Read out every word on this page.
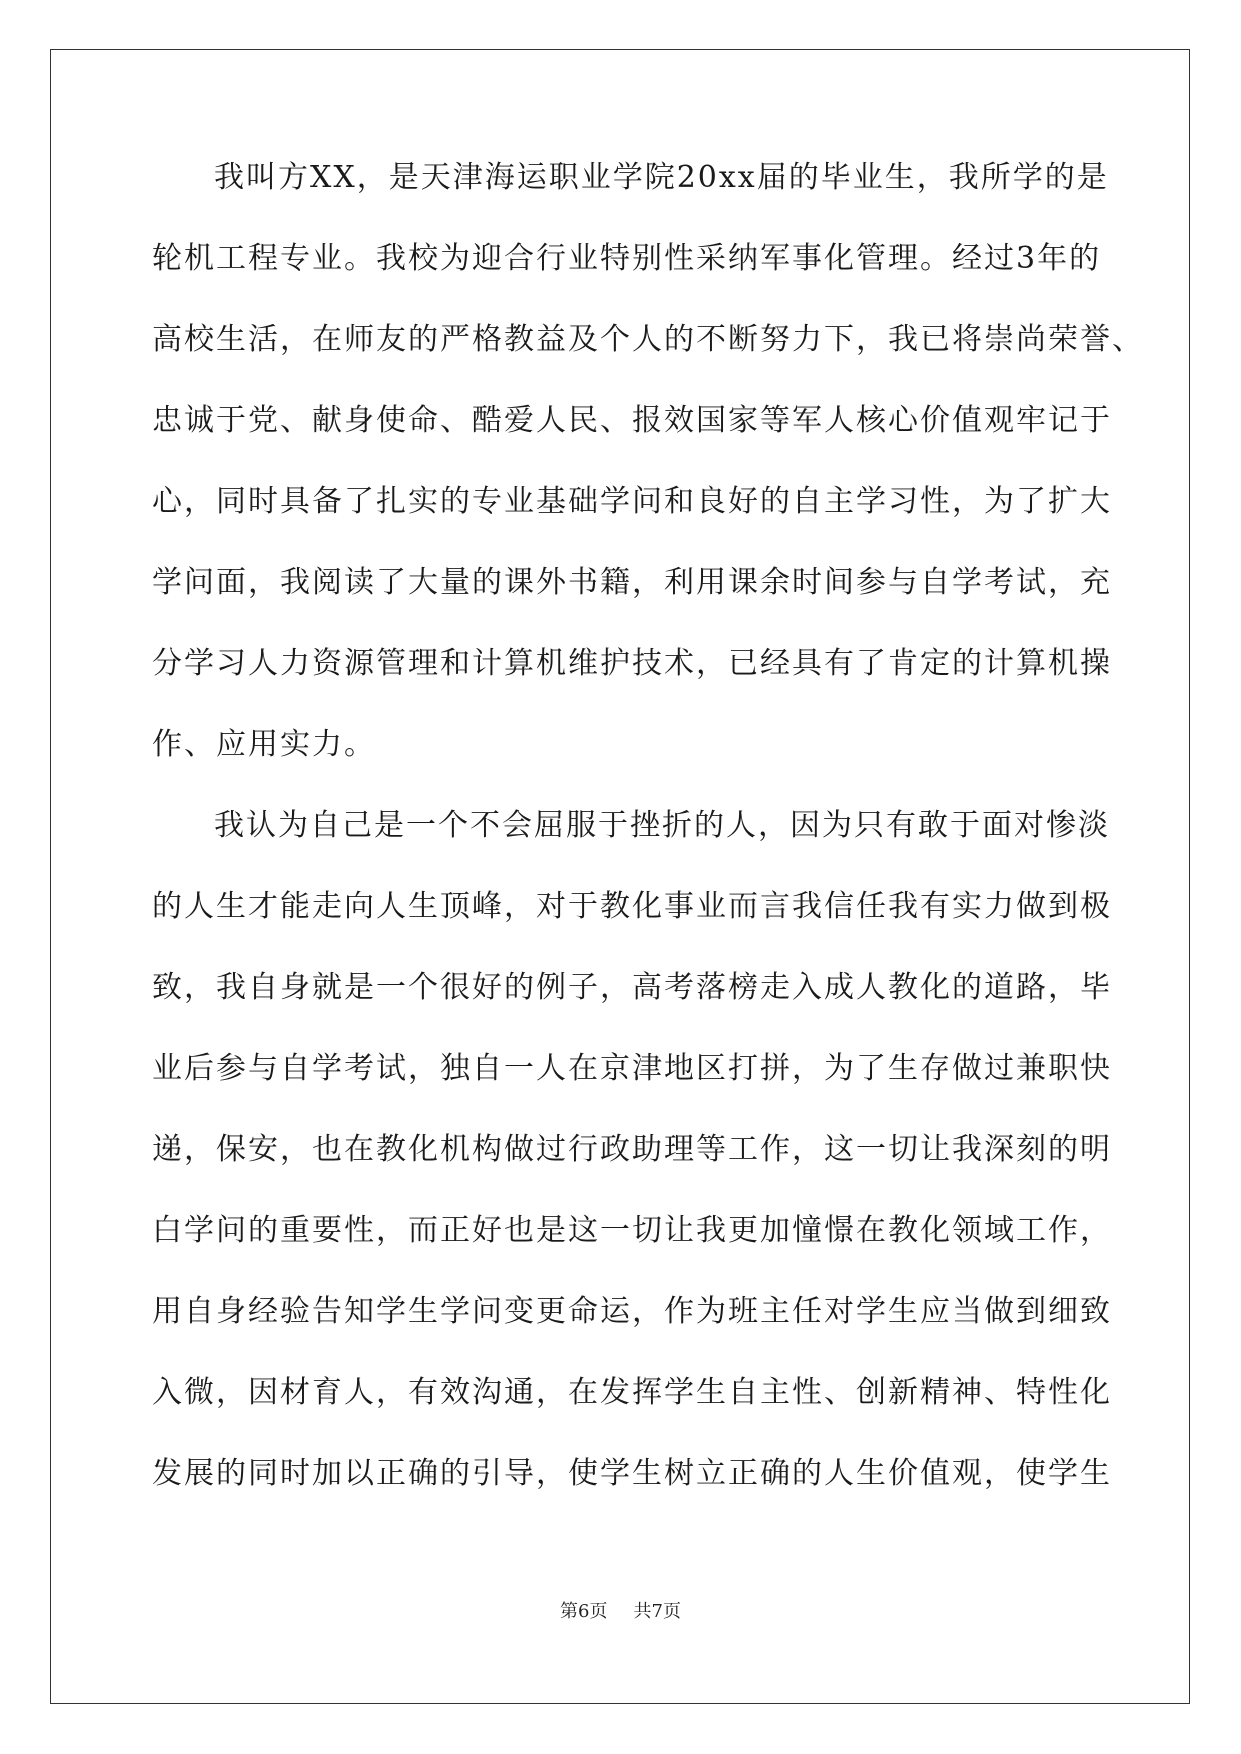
我叫方XX，是天津海运职业学院20xx届的毕业生，我所学的是
轮机工程专业。我校为迎合行业特别性采纳军事化管理。经过3年的
高校生活，在师友的严格教益及个人的不断努力下，我已将崇尚荣誉、
忠诚于党、献身使命、酷爱人民、报效国家等军人核心价值观牢记于
心，同时具备了扎实的专业基础学问和良好的自主学习性，为了扩大
学问面，我阅读了大量的课外书籍，利用课余时间参与自学考试，充
分学习人力资源管理和计算机维护技术，已经具有了肯定的计算机操
作、应用实力。
我认为自己是一个不会屈服于挫折的人，因为只有敢于面对惨淡
的人生才能走向人生顶峰，对于教化事业而言我信任我有实力做到极
致，我自身就是一个很好的例子，高考落榜走入成人教化的道路，毕
业后参与自学考试，独自一人在京津地区打拼，为了生存做过兼职快
递，保安，也在教化机构做过行政助理等工作，这一切让我深刻的明
白学问的重要性，而正好也是这一切让我更加憧憬在教化领域工作，
用自身经验告知学生学问变更命运，作为班主任对学生应当做到细致
入微，因材育人，有效沟通，在发挥学生自主性、创新精神、特性化
发展的同时加以正确的引导，使学生树立正确的人生价值观，使学生
第6页 共7页
